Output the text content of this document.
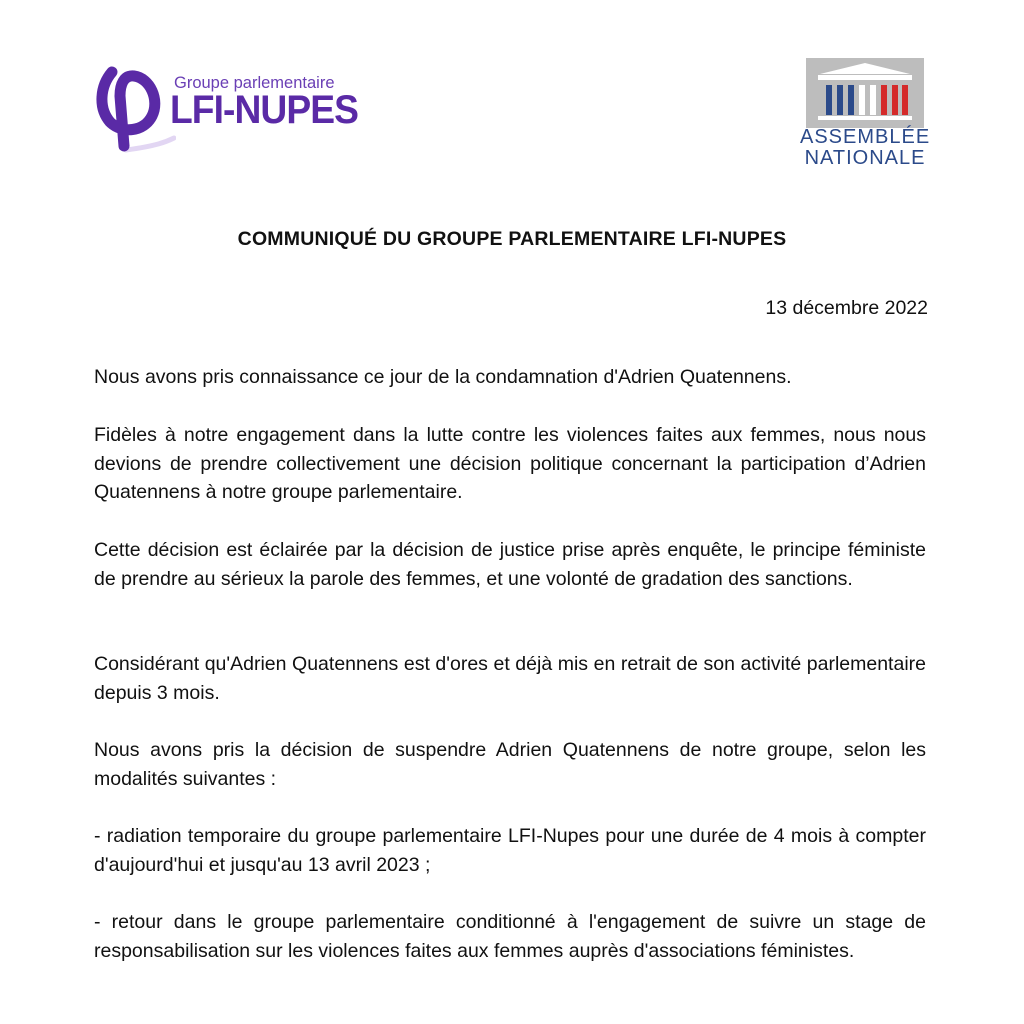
Groupe parlementaire
LFI-NUPES
ASSEMBLÉE
NATIONALE
COMMUNIQUÉ DU GROUPE PARLEMENTAIRE LFI-NUPES
13 décembre 2022

Nous avons pris connaissance ce jour de la condamnation d'Adrien Quatennens.

Fidèles à notre engagement dans la lutte contre les violences faites aux femmes, nous nous devions de prendre collectivement une décision politique concernant la participation d’Adrien Quatennens à notre groupe parlementaire.

Cette décision est éclairée par la décision de justice prise après enquête, le principe féministe de prendre au sérieux la parole des femmes, et une volonté de gradation des sanctions.

Considérant qu'Adrien Quatennens est d'ores et déjà mis en retrait de son activité parlementaire depuis 3 mois.

Nous avons pris la décision de suspendre Adrien Quatennens de notre groupe, selon les modalités suivantes :

- radiation temporaire du groupe parlementaire LFI-Nupes pour une durée de 4 mois à compter d'aujourd'hui et jusqu'au 13 avril 2023 ;

- retour dans le groupe parlementaire conditionné à l'engagement de suivre un stage de responsabilisation sur les violences faites aux femmes auprès d'associations féministes.
